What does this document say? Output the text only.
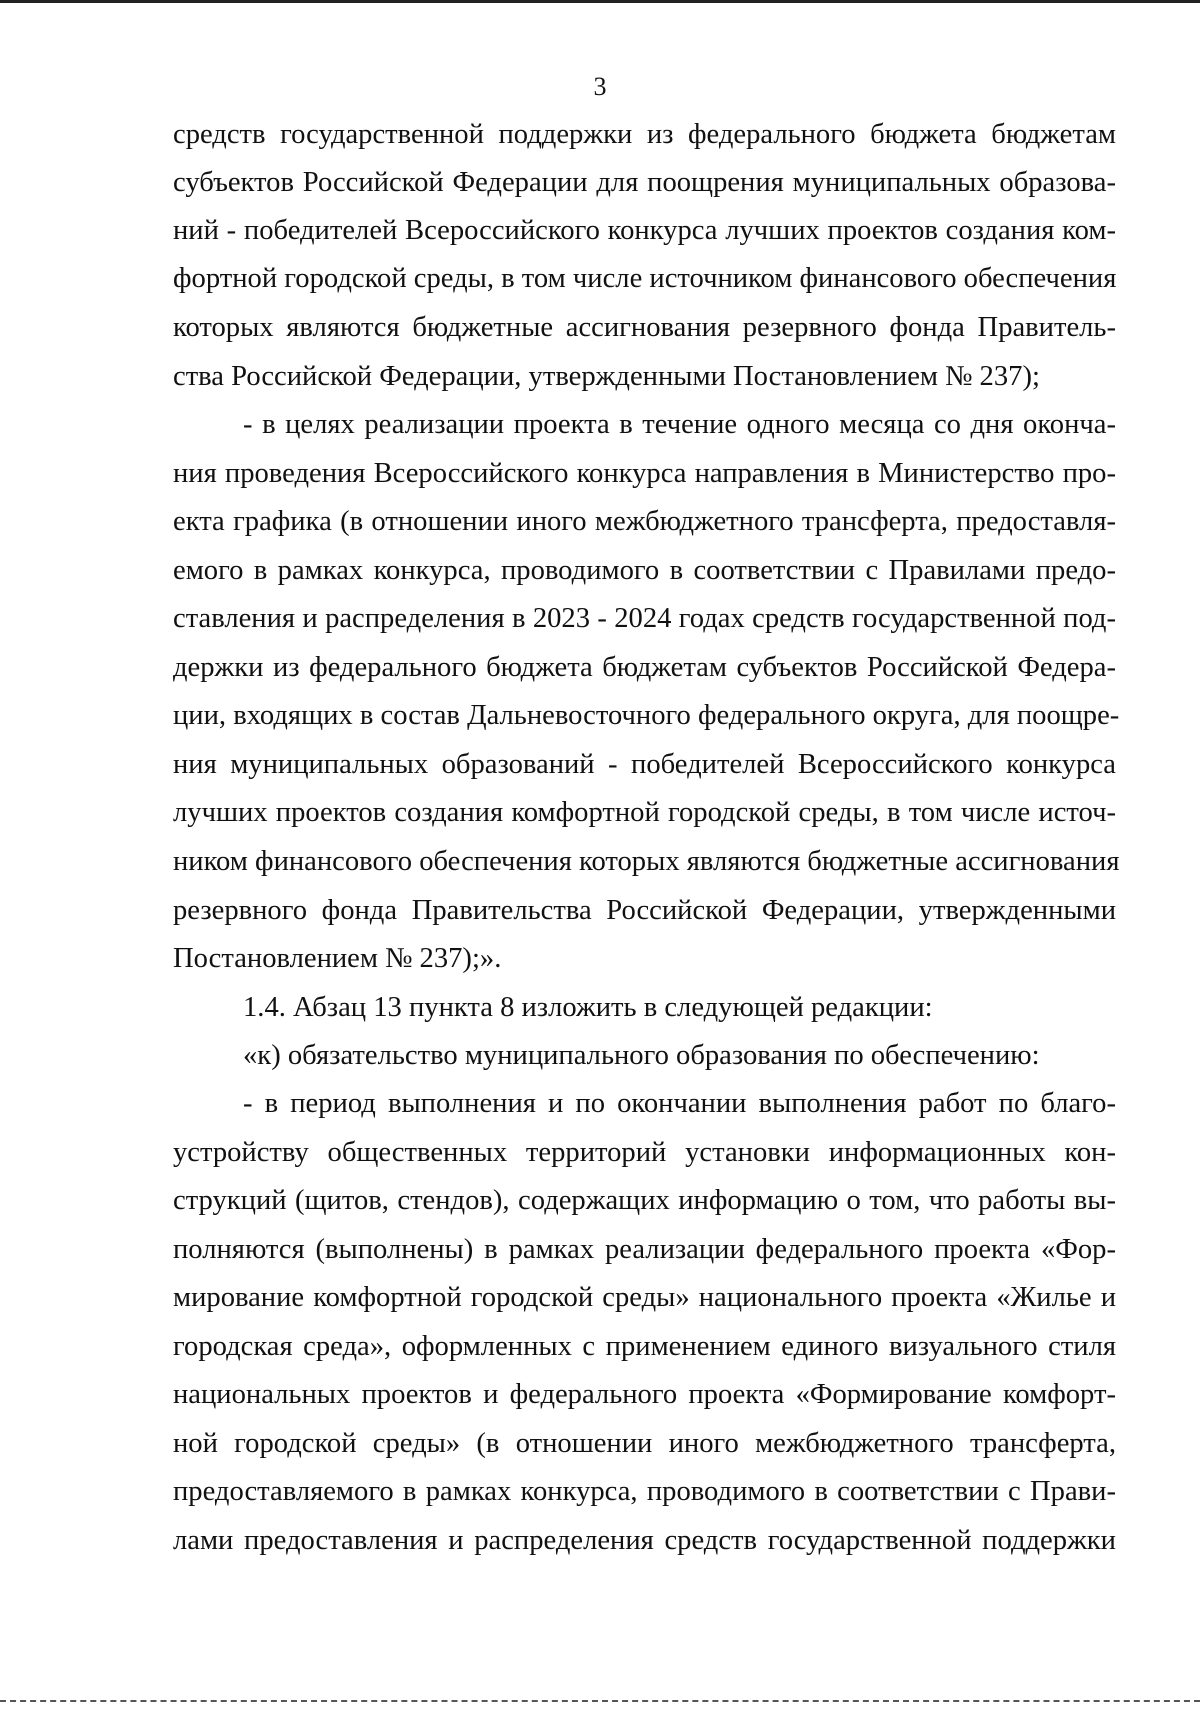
3
средств государственной поддержки из федерального бюджета бюджетам
субъектов Российской Федерации для поощрения муниципальных образова-
ний - победителей Всероссийского конкурса лучших проектов создания ком-
фортной городской среды, в том числе источником финансового обеспечения
которых являются бюджетные ассигнования резервного фонда Правитель-
ства Российской Федерации, утвержденными Постановлением № 237);
- в целях реализации проекта в течение одного месяца со дня оконча-
ния проведения Всероссийского конкурса направления в Министерство про-
екта графика (в отношении иного межбюджетного трансферта, предоставля-
емого в рамках конкурса, проводимого в соответствии с Правилами предо-
ставления и распределения в 2023 - 2024 годах средств государственной под-
держки из федерального бюджета бюджетам субъектов Российской Федера-
ции, входящих в состав Дальневосточного федерального округа, для поощре-
ния муниципальных образований - победителей Всероссийского конкурса
лучших проектов создания комфортной городской среды, в том числе источ-
ником финансового обеспечения которых являются бюджетные ассигнования
резервного фонда Правительства Российской Федерации, утвержденными
Постановлением № 237);».
1.4. Абзац 13 пункта 8 изложить в следующей редакции:
«к) обязательство муниципального образования по обеспечению:
- в период выполнения и по окончании выполнения работ по благо-
устройству общественных территорий установки информационных кон-
струкций (щитов, стендов), содержащих информацию о том, что работы вы-
полняются (выполнены) в рамках реализации федерального проекта «Фор-
мирование комфортной городской среды» национального проекта «Жилье и
городская среда», оформленных с применением единого визуального стиля
национальных проектов и федерального проекта «Формирование комфорт-
ной городской среды» (в отношении иного межбюджетного трансферта,
предоставляемого в рамках конкурса, проводимого в соответствии с Прави-
лами предоставления и распределения средств государственной поддержки
